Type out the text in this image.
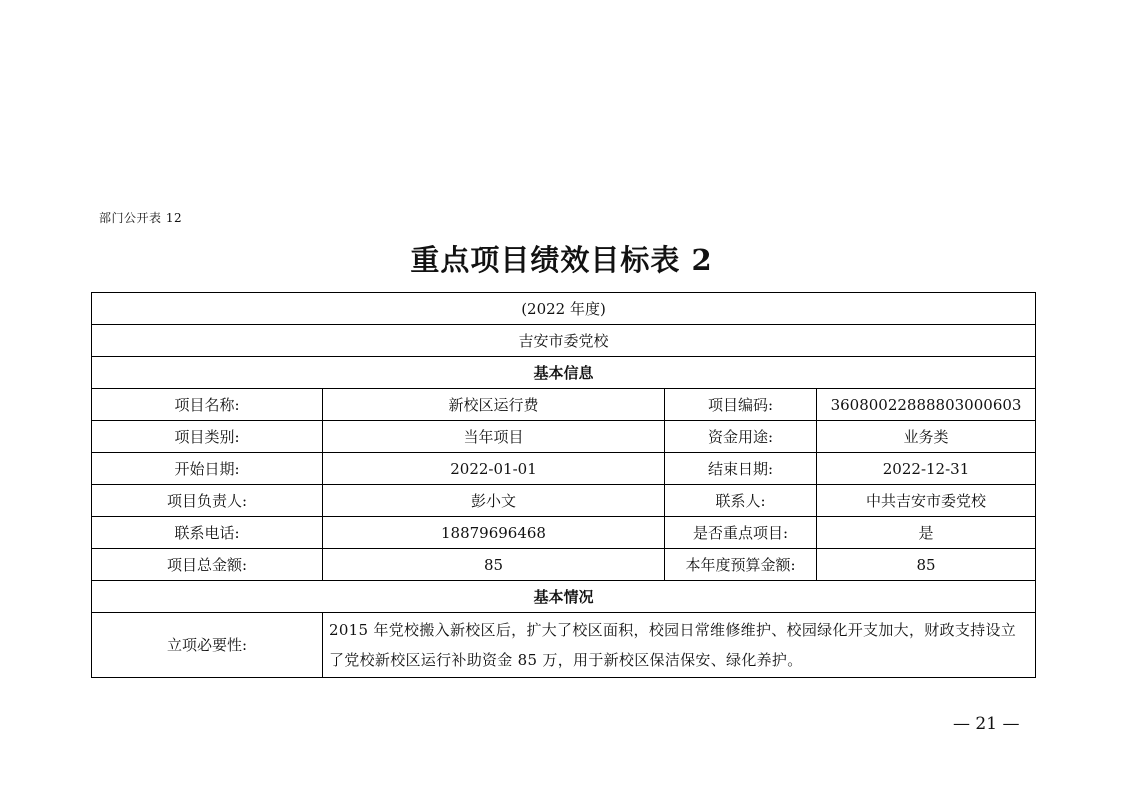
部门公开表 12
重点项目绩效目标表 2
(2022 年度)			
吉安市委党校			
基本信息			
项目名称:	新校区运行费	项目编码:	36080022888803000603
项目类别:	当年项目	资金用途:	业务类
开始日期:	2022-01-01	结束日期:	2022-12-31
项目负责人:	彭小文	联系人:	中共吉安市委党校
联系电话:	18879696468	是否重点项目:	是
项目总金额:	85	本年度预算金额:	85
基本情况			
立项必要性:	2015 年党校搬入新校区后，扩大了校区面积，校园日常维修维护、校园绿化开支加大，财政支持设立了党校新校区运行补助资金 85 万，用于新校区保洁保安、绿化养护。		
— 21 —
